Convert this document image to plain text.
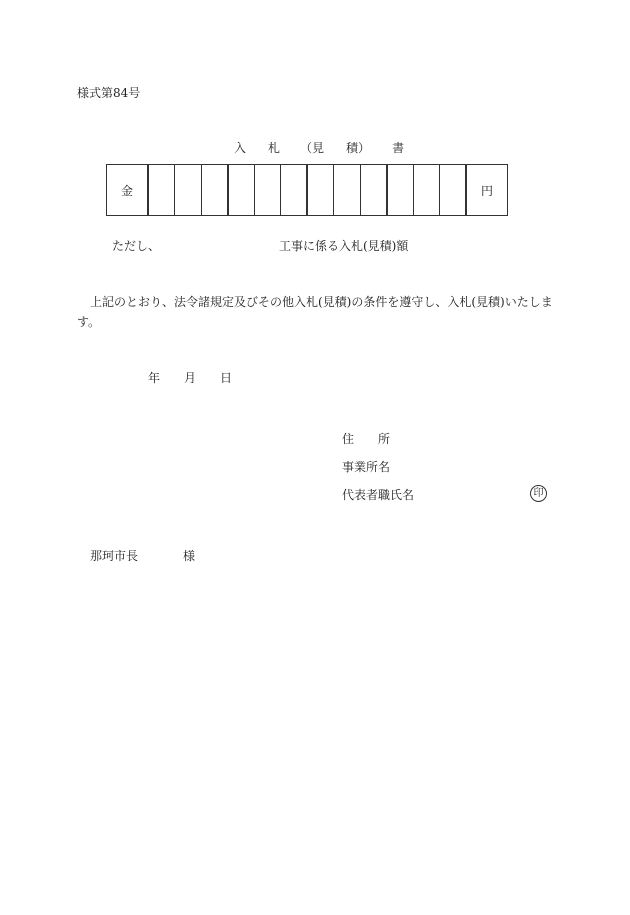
様式第84号
入 札 （見 積） 書
金													円
ただし、	工事に係る入札(見積)額
上記のとおり、法令諸規定及びその他入札(見積)の条件を遵守し、入札(見積)いたしま
す。
年 月 日
住　　所
事業所名
代表者職氏名	印
那珂市長	様
